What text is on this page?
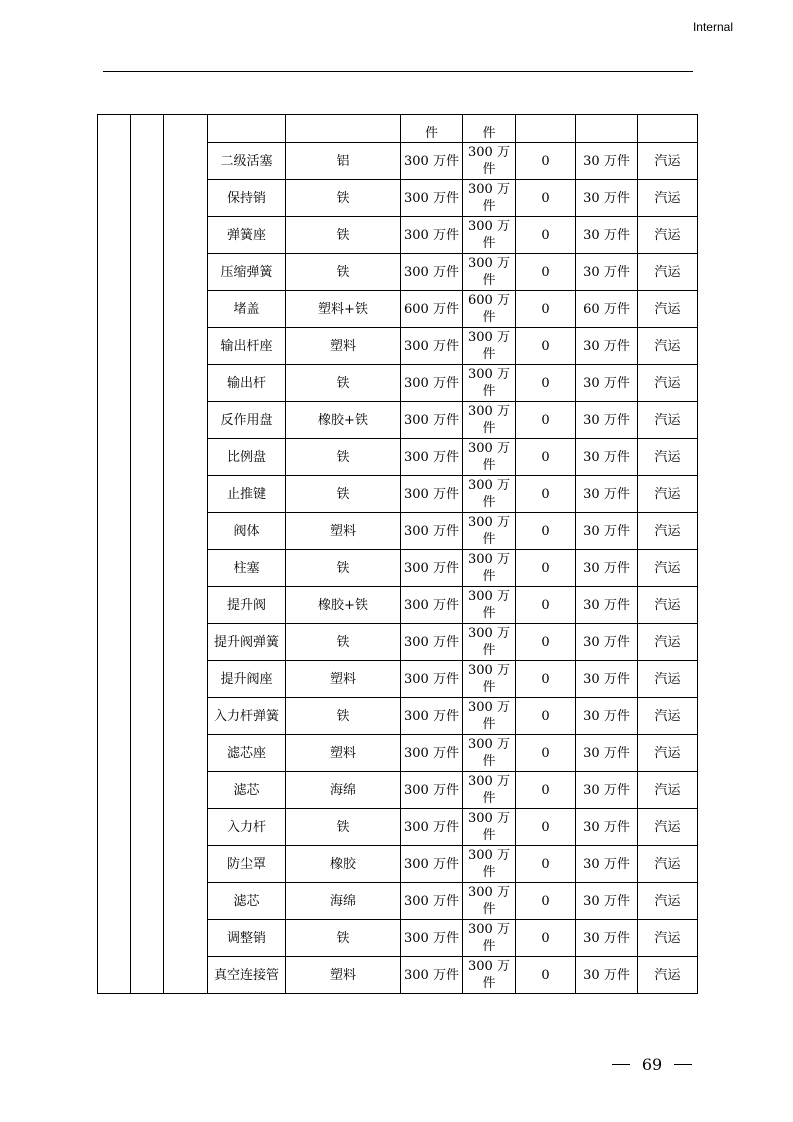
Internal
					件	件			
			二级活塞	铝	300 万件	300 万件	0	30 万件	汽运
			保持销	铁	300 万件	300 万件	0	30 万件	汽运
			弹簧座	铁	300 万件	300 万件	0	30 万件	汽运
			压缩弹簧	铁	300 万件	300 万件	0	30 万件	汽运
			堵盖	塑料+铁	600 万件	600 万件	0	60 万件	汽运
			输出杆座	塑料	300 万件	300 万件	0	30 万件	汽运
			输出杆	铁	300 万件	300 万件	0	30 万件	汽运
			反作用盘	橡胶+铁	300 万件	300 万件	0	30 万件	汽运
			比例盘	铁	300 万件	300 万件	0	30 万件	汽运
			止推键	铁	300 万件	300 万件	0	30 万件	汽运
			阀体	塑料	300 万件	300 万件	0	30 万件	汽运
			柱塞	铁	300 万件	300 万件	0	30 万件	汽运
			提升阀	橡胶+铁	300 万件	300 万件	0	30 万件	汽运
			提升阀弹簧	铁	300 万件	300 万件	0	30 万件	汽运
			提升阀座	塑料	300 万件	300 万件	0	30 万件	汽运
			入力杆弹簧	铁	300 万件	300 万件	0	30 万件	汽运
			滤芯座	塑料	300 万件	300 万件	0	30 万件	汽运
			滤芯	海绵	300 万件	300 万件	0	30 万件	汽运
			入力杆	铁	300 万件	300 万件	0	30 万件	汽运
			防尘罩	橡胶	300 万件	300 万件	0	30 万件	汽运
			滤芯	海绵	300 万件	300 万件	0	30 万件	汽运
			调整销	铁	300 万件	300 万件	0	30 万件	汽运
			真空连接管	塑料	300 万件	300 万件	0	30 万件	汽运
69
